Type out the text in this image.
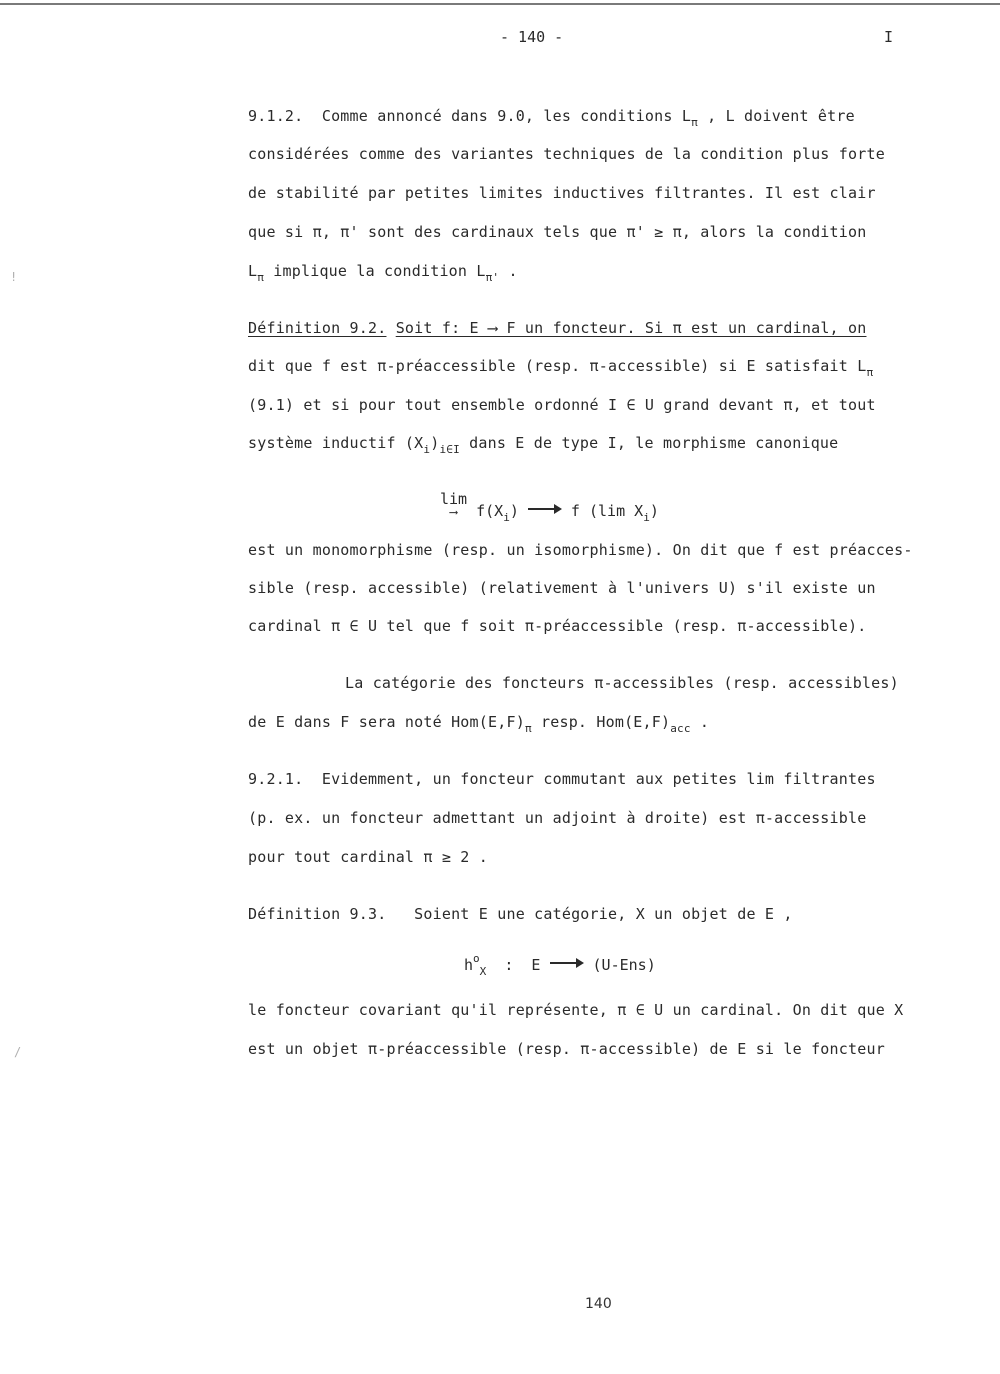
- 140 -	I
9.1.2.  Comme annoncé dans 9.0, les conditions $L_\pi$ , L doivent être
considérées comme des variantes techniques de la condition plus forte
de stabilité par petites limites inductives filtrantes. Il est clair
que si π, π' sont des cardinaux tels que π' ≥ π, alors la condition
$L_\pi$ implique la condition $L_{\pi'}$ .
Définition 9.2. Soit f: E ⟶ F un foncteur. Si π est un cardinal, on
dit que f est π-préaccessible (resp. π-accessible) si E satisfait $L_\pi$
(9.1) et si pour tout ensemble ordonné I ∈ U grand devant π, et tout
système inductif $(X_i)_{i\in I}$ dans E de type I, le morphisme canonique
lim
⟶ $f(X_i)$  f (lim $X_i$)
est un monomorphisme (resp. un isomorphisme). On dit que f est préacces-
sible (resp. accessible) (relativement à l'univers U) s'il existe un
cardinal π ∈ U tel que f soit π-préaccessible (resp. π-accessible).
La catégorie des foncteurs π-accessibles (resp. accessibles)
de E dans F sera noté $Hom(E,F)_\pi$ resp. $Hom(E,F)_{acc}$ .
9.2.1.  Evidemment, un foncteur commutant aux petites lim filtrantes
(p. ex. un foncteur admettant un adjoint à droite) est π-accessible
pour tout cardinal π ≥ 2 .
Définition 9.3.   Soient E une catégorie, X un objet de E ,
$h^o_X$  :  E  (U-Ens)
le foncteur covariant qu'il représente, π ∈ U un cardinal. On dit que X
est un objet π-préaccessible (resp. π-accessible) de E si le foncteur
!
/
140
